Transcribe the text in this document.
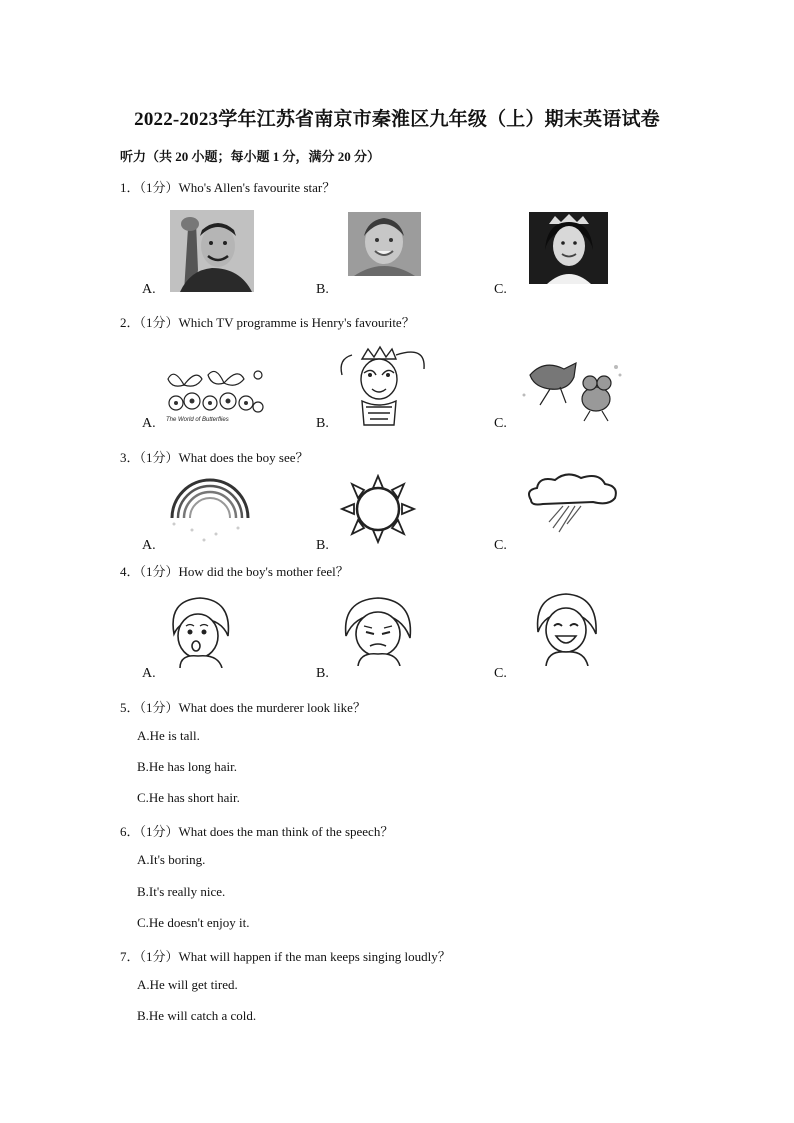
2022-2023学年江苏省南京市秦淮区九年级（上）期末英语试卷
听力（共 20 小题；每小题 1 分，满分 20 分）
1．（1分）Who's Allen's favourite star？
A.	B.	C.
2．（1分）Which TV programme is Henry's favourite？
The World of Butterflies
A.	B.	C.
3．（1分）What does the boy see？
A.	B.	C.
4．（1分）How did the boy's mother feel？
A.	B.	C.
5．（1分）What does the murderer look like？
A.He is tall.
B.He has long hair.
C.He has short hair.
6．（1分）What does the man think of the speech？
A.It's boring.
B.It's really nice.
C.He doesn't enjoy it.
7．（1分）What will happen if the man keeps singing loudly？
A.He will get tired.
B.He will catch a cold.
